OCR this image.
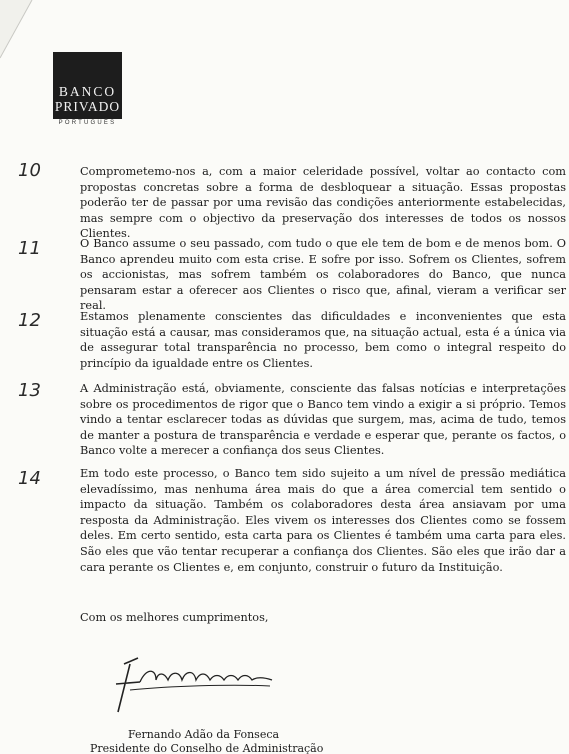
BANCO
PRIVADO
PORTUGUÊS
10	Comprometemo-nos a, com a maior celeridade possível, voltar ao contacto com propostas concretas sobre a forma de desbloquear a situação. Essas propostas poderão ter de passar por uma revisão das condições anteriormente estabelecidas, mas sempre com o objectivo da preservação dos interesses de todos os nossos Clientes.

11	O Banco assume o seu passado, com tudo o que ele tem de bom e de menos bom. O Banco aprendeu muito com esta crise. E sofre por isso. Sofrem os Clientes, sofrem os accionistas, mas sofrem também os colaboradores do Banco, que nunca pensaram estar a oferecer aos Clientes o risco que, afinal, vieram a verificar ser real.

12	Estamos plenamente conscientes das dificuldades e inconvenientes que esta situação está a causar, mas consideramos que, na situação actual, esta é a única via de assegurar total transparência no processo, bem como o integral respeito do princípio da igualdade entre os Clientes.

13	A Administração está, obviamente, consciente das falsas notícias e interpretações sobre os procedimentos de rigor que o Banco tem vindo a exigir a si próprio. Temos vindo a tentar esclarecer todas as dúvidas que surgem, mas, acima de tudo, temos de manter a postura de transparência e verdade e esperar que, perante os factos, o Banco volte a merecer a confiança dos seus Clientes.

14	Em todo este processo, o Banco tem sido sujeito a um nível de pressão mediática elevadíssimo, mas nenhuma área mais do que a área comercial tem sentido o impacto da situação. Também os colaboradores desta área ansiavam por uma resposta da Administração. Eles vivem os interesses dos Clientes como se fossem deles. Em certo sentido, esta carta para os Clientes é também uma carta para eles. São eles que vão tentar recuperar a confiança dos Clientes. São eles que irão dar a cara perante os Clientes e, em conjunto, construir o futuro da Instituição.

Com os melhores cumprimentos,

Fernando Adão da Fonseca
Presidente do Conselho de Administração
